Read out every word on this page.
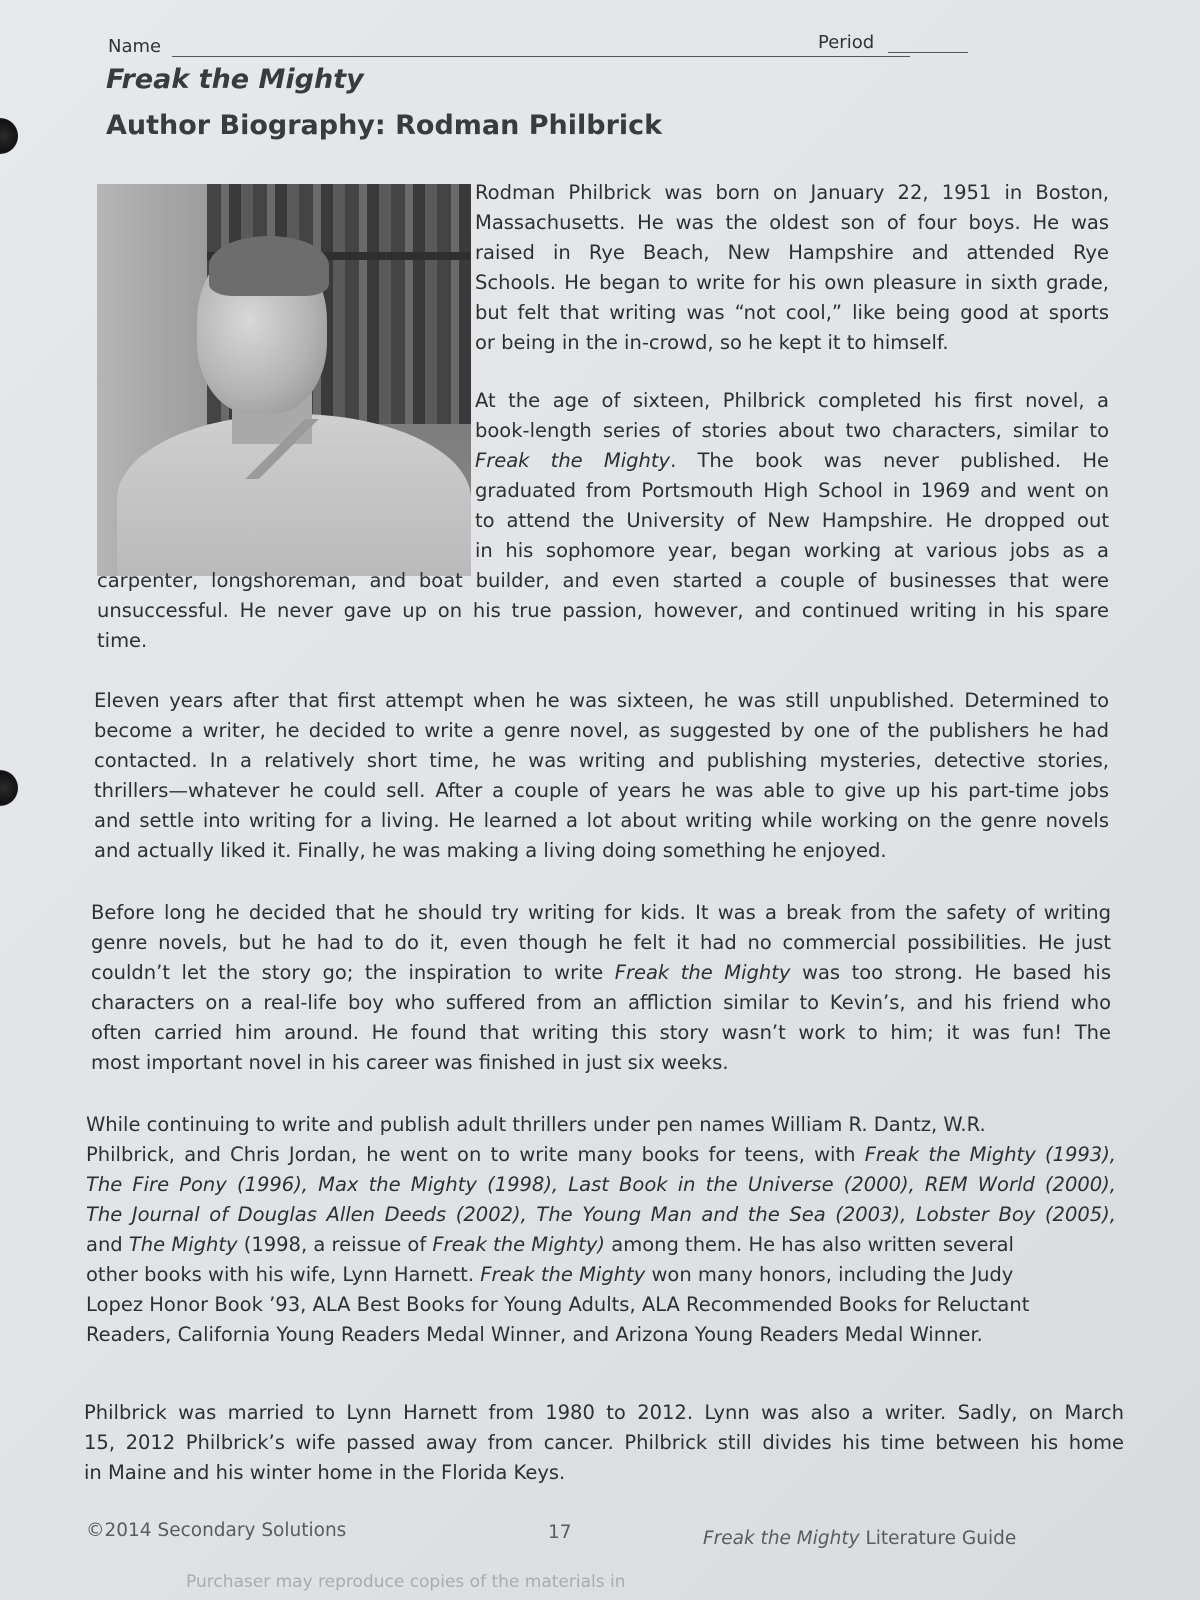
Name	Period
Freak the Mighty
Author Biography: Rodman Philbrick
Rodman Philbrick was born on January 22, 1951 in Boston,
Massachusetts. He was the oldest son of four boys. He was
raised in Rye Beach, New Hampshire and attended Rye
Schools. He began to write for his own pleasure in sixth grade,
but felt that writing was “not cool,” like being good at sports
or being in the in-crowd, so he kept it to himself.
At the age of sixteen, Philbrick completed his first novel, a
book-length series of stories about two characters, similar to
Freak the Mighty. The book was never published. He
graduated from Portsmouth High School in 1969 and went on
to attend the University of New Hampshire. He dropped out
in his sophomore year, began working at various jobs as a
carpenter, longshoreman, and boat builder, and even started a couple of businesses that were
unsuccessful. He never gave up on his true passion, however, and continued writing in his spare
time.
Eleven years after that first attempt when he was sixteen, he was still unpublished. Determined to
become a writer, he decided to write a genre novel, as suggested by one of the publishers he had
contacted. In a relatively short time, he was writing and publishing mysteries, detective stories,
thrillers—whatever he could sell. After a couple of years he was able to give up his part-time jobs
and settle into writing for a living. He learned a lot about writing while working on the genre novels
and actually liked it. Finally, he was making a living doing something he enjoyed.
Before long he decided that he should try writing for kids. It was a break from the safety of writing
genre novels, but he had to do it, even though he felt it had no commercial possibilities. He just
couldn’t let the story go; the inspiration to write Freak the Mighty was too strong. He based his
characters on a real-life boy who suffered from an affliction similar to Kevin’s, and his friend who
often carried him around. He found that writing this story wasn’t work to him; it was fun! The
most important novel in his career was finished in just six weeks.
While continuing to write and publish adult thrillers under pen names William R. Dantz, W.R.
Philbrick, and Chris Jordan, he went on to write many books for teens, with Freak the Mighty (1993),
The Fire Pony (1996), Max the Mighty (1998), Last Book in the Universe (2000), REM World (2000),
The Journal of Douglas Allen Deeds (2002), The Young Man and the Sea (2003), Lobster Boy (2005),
and The Mighty (1998, a reissue of Freak the Mighty) among them. He has also written several
other books with his wife, Lynn Harnett. Freak the Mighty won many honors, including the Judy
Lopez Honor Book ’93, ALA Best Books for Young Adults, ALA Recommended Books for Reluctant
Readers, California Young Readers Medal Winner, and Arizona Young Readers Medal Winner.
Philbrick was married to Lynn Harnett from 1980 to 2012. Lynn was also a writer. Sadly, on March
15, 2012 Philbrick’s wife passed away from cancer. Philbrick still divides his time between his home
in Maine and his winter home in the Florida Keys.
©2014 Secondary Solutions	17	Freak the Mighty Literature Guide
Purchaser may reproduce copies of the materials in
